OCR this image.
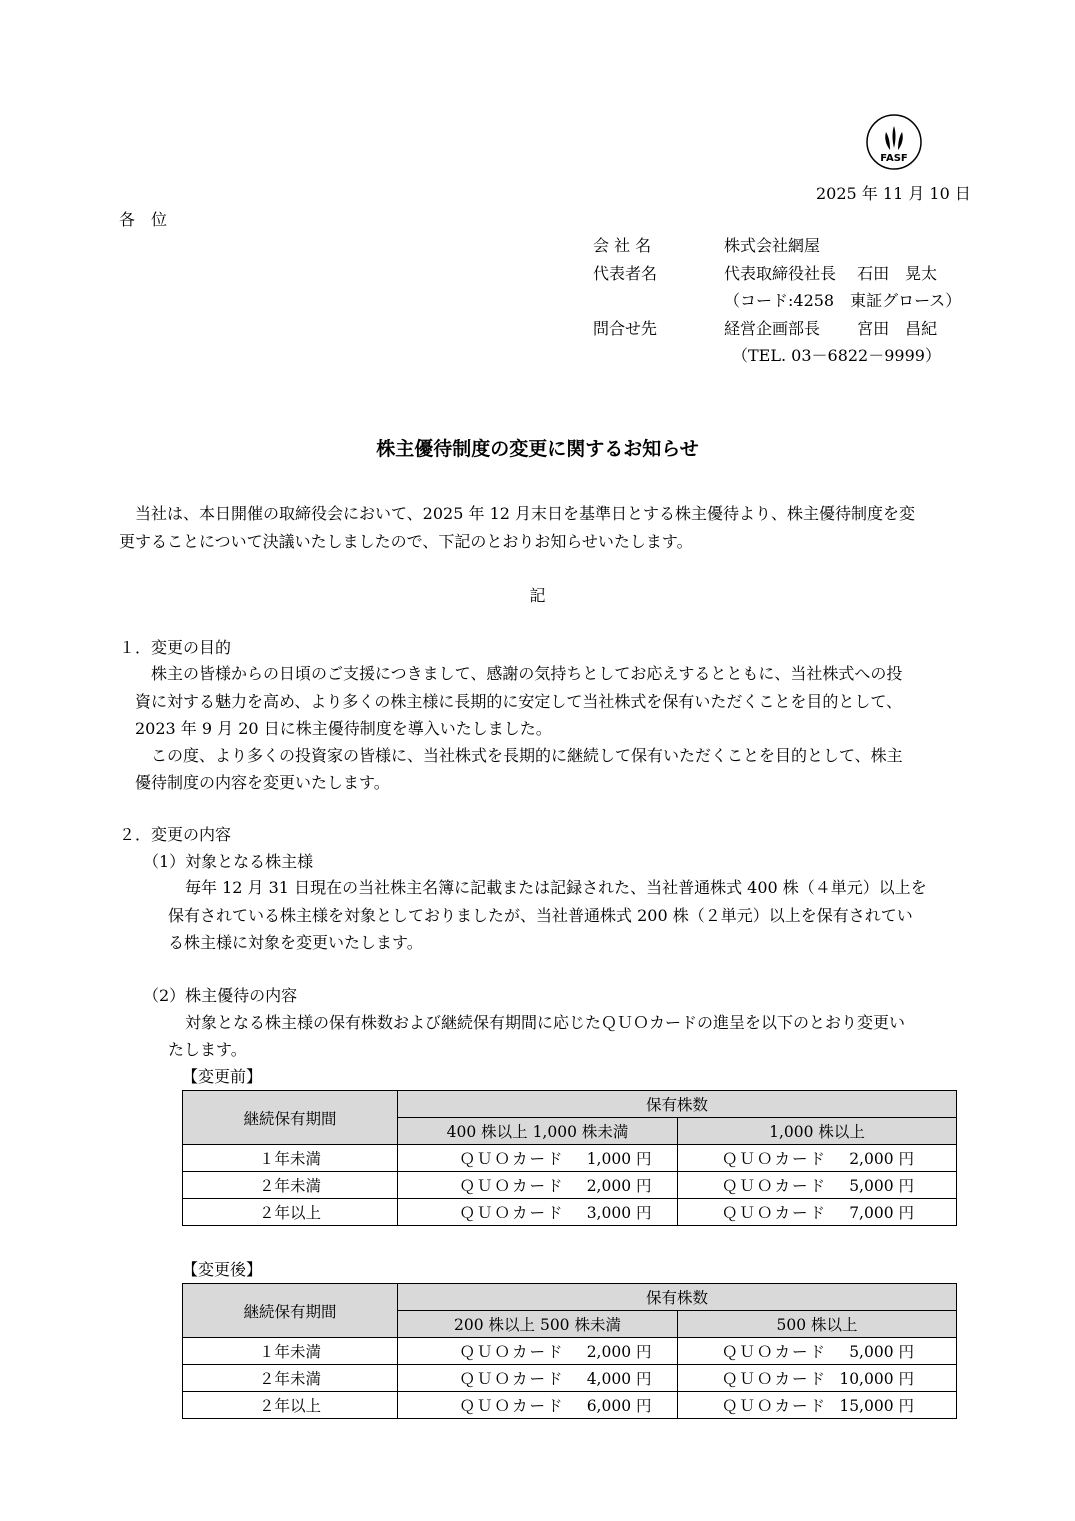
FASF
2025 年 11 月 10 日
各　位
会 社 名	株式会社網屋
代表者名	代表取締役社長　 石田　晃太
（コード:4258　東証グロース）
問合せ先	経営企画部長　　 宮田　昌紀
（TEL. 03－6822－9999）
株主優待制度の変更に関するお知らせ
当社は、本日開催の取締役会において、2025 年 12 月末日を基準日とする株主優待より、株主優待制度を変
更することについて決議いたしましたので、下記のとおりお知らせいたします。
記
１．変更の目的
株主の皆様からの日頃のご支援につきまして、感謝の気持ちとしてお応えするとともに、当社株式への投
資に対する魅力を高め、より多くの株主様に長期的に安定して当社株式を保有いただくことを目的として、
2023 年 9 月 20 日に株主優待制度を導入いたしました。
この度、より多くの投資家の皆様に、当社株式を長期的に継続して保有いただくことを目的として、株主
優待制度の内容を変更いたします。
２．変更の内容
（1）対象となる株主様
毎年 12 月 31 日現在の当社株主名簿に記載または記録された、当社普通株式 400 株（４単元）以上を
保有されている株主様を対象としておりましたが、当社普通株式 200 株（２単元）以上を保有されてい
る株主様に対象を変更いたします。
（2）株主優待の内容
対象となる株主様の保有株数および継続保有期間に応じたＱＵＯカードの進呈を以下のとおり変更い
たします。
【変更前】
継続保有期間	保有株数	
	400 株以上 1,000 株未満	1,000 株以上
１年未満	ＱＵＯカード 1,000 円	ＱＵＯカード 2,000 円
２年未満	ＱＵＯカード 2,000 円	ＱＵＯカード 5,000 円
２年以上	ＱＵＯカード 3,000 円	ＱＵＯカード 7,000 円
【変更後】
継続保有期間	保有株数	
	200 株以上 500 株未満	500 株以上
１年未満	ＱＵＯカード 2,000 円	ＱＵＯカード 5,000 円
２年未満	ＱＵＯカード 4,000 円	ＱＵＯカード 10,000 円
２年以上	ＱＵＯカード 6,000 円	ＱＵＯカード 15,000 円
